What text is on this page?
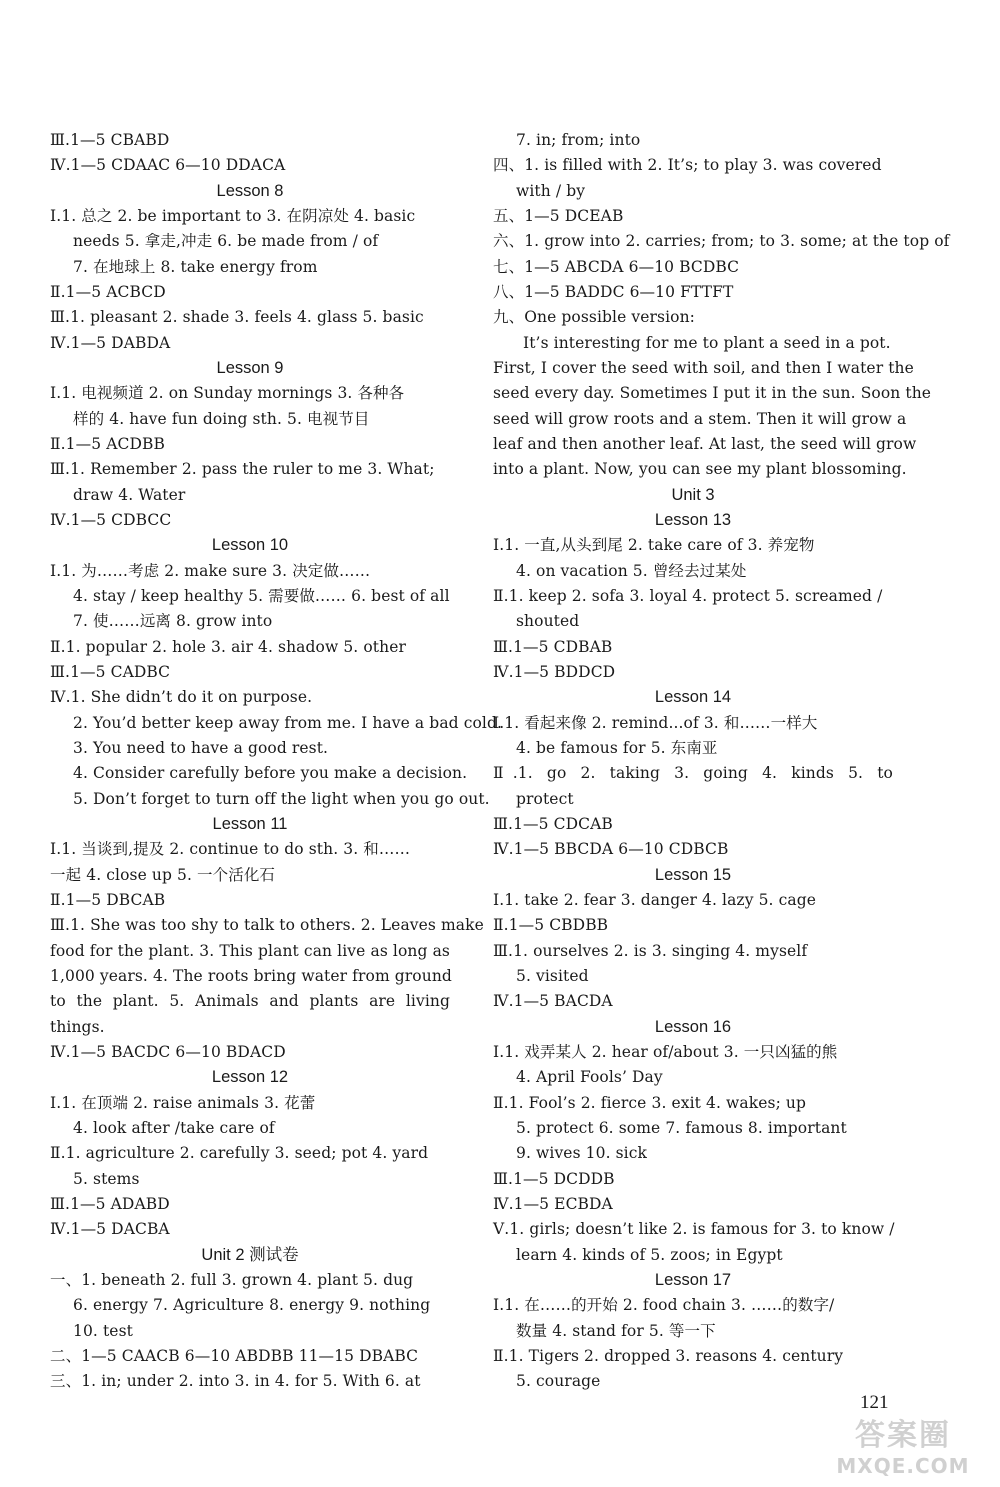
Ⅲ.1—5 CBABD
Ⅳ.1—5 CDAAC 6—10 DDACA
Lesson 8
Ⅰ.1. 总之 2. be important to 3. 在阴凉处 4. basic
needs 5. 拿走,冲走 6. be made from / of
7. 在地球上 8. take energy from
Ⅱ.1—5 ACBCD
Ⅲ.1. pleasant 2. shade 3. feels 4. glass 5. basic
Ⅳ.1—5 DABDA
Lesson 9
Ⅰ.1. 电视频道 2. on Sunday mornings 3. 各种各
样的 4. have fun doing sth. 5. 电视节目
Ⅱ.1—5 ACDBB
Ⅲ.1. Remember 2. pass the ruler to me 3. What;
draw 4. Water
Ⅳ.1—5 CDBCC
Lesson 10
Ⅰ.1. 为……考虑 2. make sure 3. 决定做……
4. stay / keep healthy 5. 需要做…… 6. best of all
7. 使……远离 8. grow into
Ⅱ.1. popular 2. hole 3. air 4. shadow 5. other
Ⅲ.1—5 CADBC
Ⅳ.1. She didn’t do it on purpose.
2. You’d better keep away from me. I have a bad cold.
3. You need to have a good rest.
4. Consider carefully before you make a decision.
5. Don’t forget to turn off the light when you go out.
Lesson 11
Ⅰ.1. 当谈到,提及 2. continue to do sth. 3. 和……
一起 4. close up 5. 一个活化石
Ⅱ.1—5 DBCAB
Ⅲ.1. She was too shy to talk to others. 2. Leaves make
food for the plant. 3. This plant can live as long as
1,000 years. 4. The roots bring water from ground
to the plant. 5. Animals and plants are living
things.
Ⅳ.1—5 BACDC 6—10 BDACD
Lesson 12
Ⅰ.1. 在顶端 2. raise animals 3. 花蕾
4. look after /take care of
Ⅱ.1. agriculture 2. carefully 3. seed; pot 4. yard
5. stems
Ⅲ.1—5 ADABD
Ⅳ.1—5 DACBA
Unit 2 测试卷
一、1. beneath 2. full 3. grown 4. plant 5. dug
6. energy 7. Agriculture 8. energy 9. nothing
10. test
二、1—5 CAACB 6—10 ABDBB 11—15 DBABC
三、1. in; under 2. into 3. in 4. for 5. With 6. at
7. in; from; into
四、1. is filled with 2. It’s; to play 3. was covered
with / by
五、1—5 DCEAB
六、1. grow into 2. carries; from; to 3. some; at the top of
七、1—5 ABCDA 6—10 BCDBC
八、1—5 BADDC 6—10 FTTFT
九、One possible version:
It’s interesting for me to plant a seed in a pot.
First, I cover the seed with soil, and then I water the
seed every day. Sometimes I put it in the sun. Soon the
seed will grow roots and a stem. Then it will grow a
leaf and then another leaf. At last, the seed will grow
into a plant. Now, you can see my plant blossoming.
Unit 3
Lesson 13
Ⅰ.1. 一直,从头到尾 2. take care of 3. 养宠物
4. on vacation 5. 曾经去过某处
Ⅱ.1. keep 2. sofa 3. loyal 4. protect 5. screamed /
shouted
Ⅲ.1—5 CDBAB
Ⅳ.1—5 BDDCD
Lesson 14
Ⅰ.1. 看起来像 2. remind...of 3. 和……一样大
4. be famous for 5. 东南亚
Ⅱ.1. go 2. taking 3. going 4. kinds 5. to
protect
Ⅲ.1—5 CDCAB
Ⅳ.1—5 BBCDA 6—10 CDBCB
Lesson 15
Ⅰ.1. take 2. fear 3. danger 4. lazy 5. cage
Ⅱ.1—5 CBDBB
Ⅲ.1. ourselves 2. is 3. singing 4. myself
5. visited
Ⅳ.1—5 BACDA
Lesson 16
Ⅰ.1. 戏弄某人 2. hear of/about 3. 一只凶猛的熊
4. April Fools’ Day
Ⅱ.1. Fool’s 2. fierce 3. exit 4. wakes; up
5. protect 6. some 7. famous 8. important
9. wives 10. sick
Ⅲ.1—5 DCDDB
Ⅳ.1—5 ECBDA
Ⅴ.1. girls; doesn’t like 2. is famous for 3. to know /
learn 4. kinds of 5. zoos; in Egypt
Lesson 17
Ⅰ.1. 在……的开始 2. food chain 3. ……的数字/
数量 4. stand for 5. 等一下
Ⅱ.1. Tigers 2. dropped 3. reasons 4. century
5. courage
121
答案圈
MXQE.COM
